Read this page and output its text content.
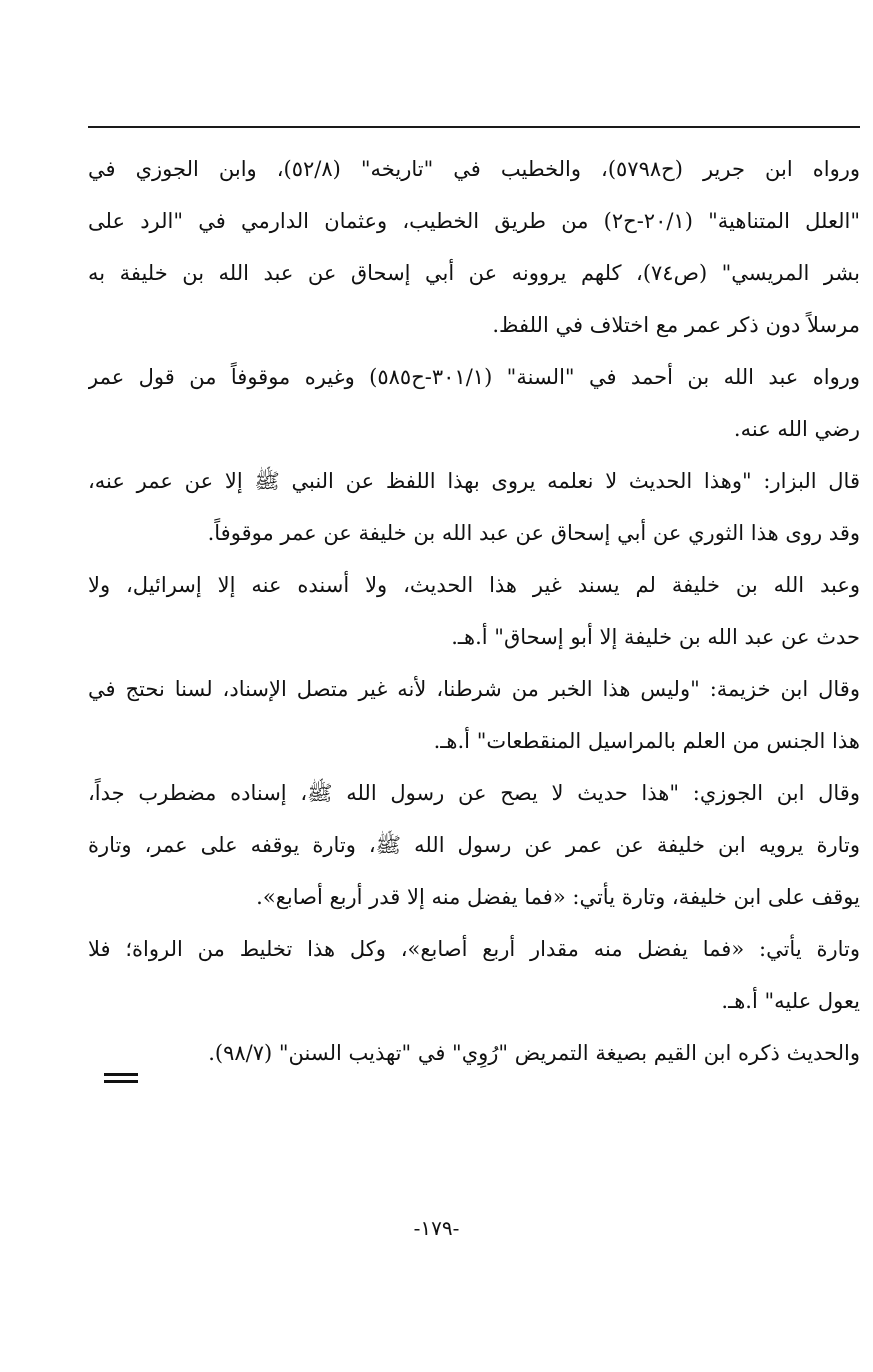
ورواه ابن جرير (ح٥٧٩٨)، والخطيب في "تاريخه" (٥٢/٨)، وابن الجوزي في
"العلل المتناهية" (٢٠/١-ح٢) من طريق الخطيب، وعثمان الدارمي في "الرد على
بشر المريسي" (ص٧٤)، كلهم يروونه عن أبي إسحاق عن عبد الله بن خليفة به
مرسلاً دون ذكر عمر مع اختلاف في اللفظ.
ورواه عبد الله بن أحمد في "السنة" (٣٠١/١-ح٥٨٥) وغيره موقوفاً من قول عمر
رضي الله عنه.
قال البزار: "وهذا الحديث لا نعلمه يروى بهذا اللفظ عن النبي ﷺ إلا عن عمر عنه،
وقد روى هذا الثوري عن أبي إسحاق عن عبد الله بن خليفة عن عمر موقوفاً.
وعبد الله بن خليفة لم يسند غير هذا الحديث، ولا أسنده عنه إلا إسرائيل، ولا
حدث عن عبد الله بن خليفة إلا أبو إسحاق" أ.هـ.
وقال ابن خزيمة: "وليس هذا الخبر من شرطنا، لأنه غير متصل الإسناد، لسنا نحتج في
هذا الجنس من العلم بالمراسيل المنقطعات" أ.هـ.
وقال ابن الجوزي: "هذا حديث لا يصح عن رسول الله ﷺ، إسناده مضطرب جداً،
وتارة يرويه ابن خليفة عن عمر عن رسول الله ﷺ، وتارة يوقفه على عمر، وتارة
يوقف على ابن خليفة، وتارة يأتي: «فما يفضل منه إلا قدر أربع أصابع».
وتارة يأتي: «فما يفضل منه مقدار أربع أصابع»، وكل هذا تخليط من الرواة؛ فلا
يعول عليه" أ.هـ.
والحديث ذكره ابن القيم بصيغة التمريض "رُوِي" في "تهذيب السنن" (٩٨/٧).
-١٧٩-
